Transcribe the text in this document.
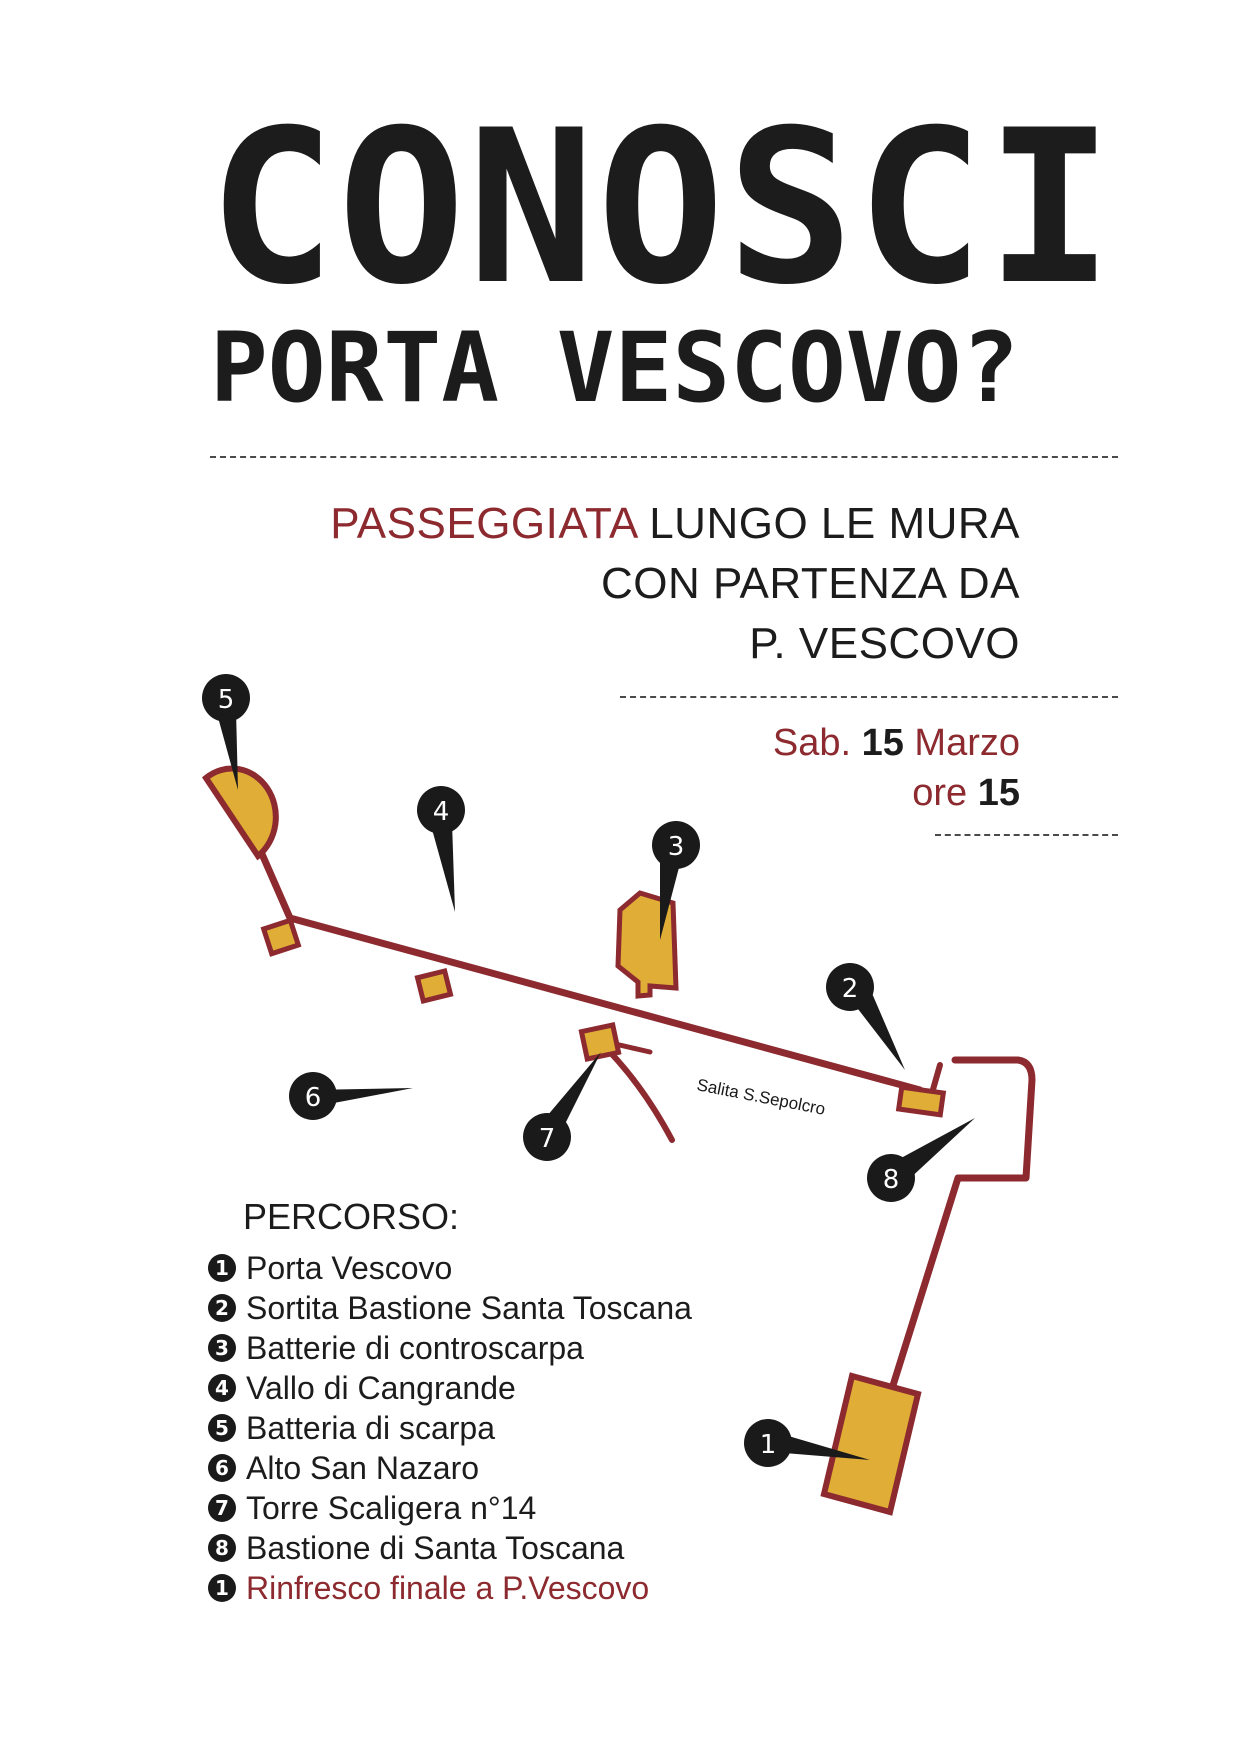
CONOSCI
PORTA VESCOVO?
PASSEGGIATA LUNGO LE MURA
CON PARTENZA DA
P. VESCOVO
Sab. 15 Marzo
ore 15
Salita S.Sepolcro
5
4
3
2
6
7
8
1
PERCORSO:
1 Porta Vescovo
2 Sortita Bastione Santa Toscana
3 Batterie di controscarpa
4 Vallo di Cangrande
5 Batteria di scarpa
6 Alto San Nazaro
7 Torre Scaligera n°14
8 Bastione di Santa Toscana
1 Rinfresco finale a P.Vescovo
